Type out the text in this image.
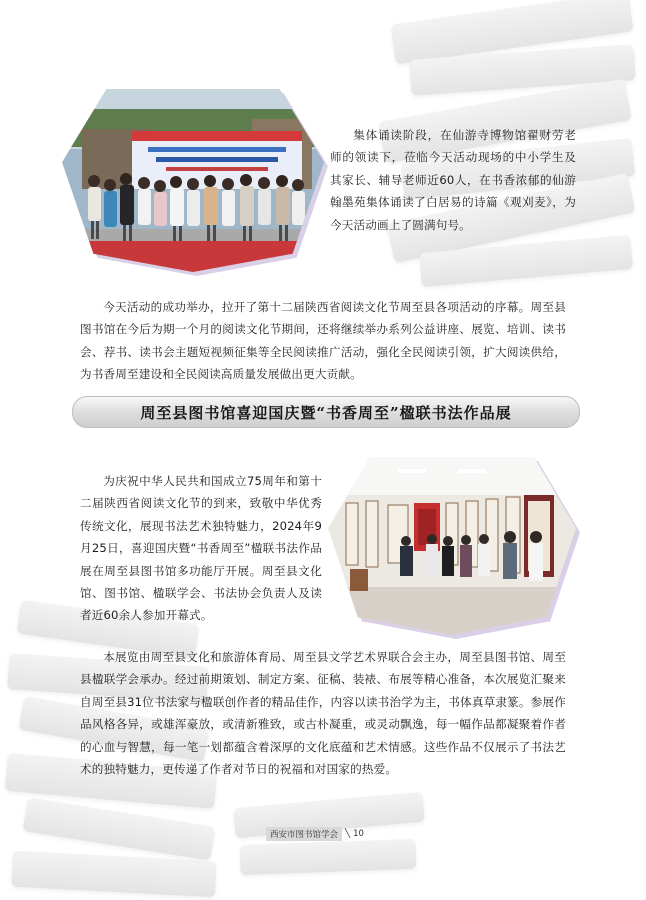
集体诵读阶段，在仙游寺博物馆翟财劳老师的领读下，莅临今天活动现场的中小学生及其家长、辅导老师近60人，在书香浓郁的仙游翰墨苑集体诵读了白居易的诗篇《观刈麦》，为今天活动画上了圆满句号。

今天活动的成功举办，拉开了第十二届陕西省阅读文化节周至县各项活动的序幕。周至县图书馆在今后为期一个月的阅读文化节期间，还将继续举办系列公益讲座、展览、培训、读书会、荐书、读书会主题短视频征集等全民阅读推广活动，强化全民阅读引领，扩大阅读供给，为书香周至建设和全民阅读高质量发展做出更大贡献。

周至县图书馆喜迎国庆暨“书香周至”楹联书法作品展

为庆祝中华人民共和国成立75周年和第十二届陕西省阅读文化节的到来，致敬中华优秀传统文化，展现书法艺术独特魅力，2024年9月25日，喜迎国庆暨“书香周至”楹联书法作品展在周至县图书馆多功能厅开展。周至县文化馆、图书馆、楹联学会、书法协会负责人及读者近60余人参加开幕式。

本展览由周至县文化和旅游体育局、周至县文学艺术界联合会主办，周至县图书馆、周至县楹联学会承办。经过前期策划、制定方案、征稿、装裱、布展等精心准备，本次展览汇聚来自周至县31位书法家与楹联创作者的精品佳作，内容以读书治学为主，书体真草隶篆。参展作品风格各异，或雄浑豪放，或清新雅致，或古朴凝重，或灵动飘逸，每一幅作品都凝聚着作者的心血与智慧，每一笔一划都蕴含着深厚的文化底蕴和艺术情感。这些作品不仅展示了书法艺术的独特魅力，更传递了作者对节日的祝福和对国家的热爱。

西安市图书馆学会 ╲ 10
